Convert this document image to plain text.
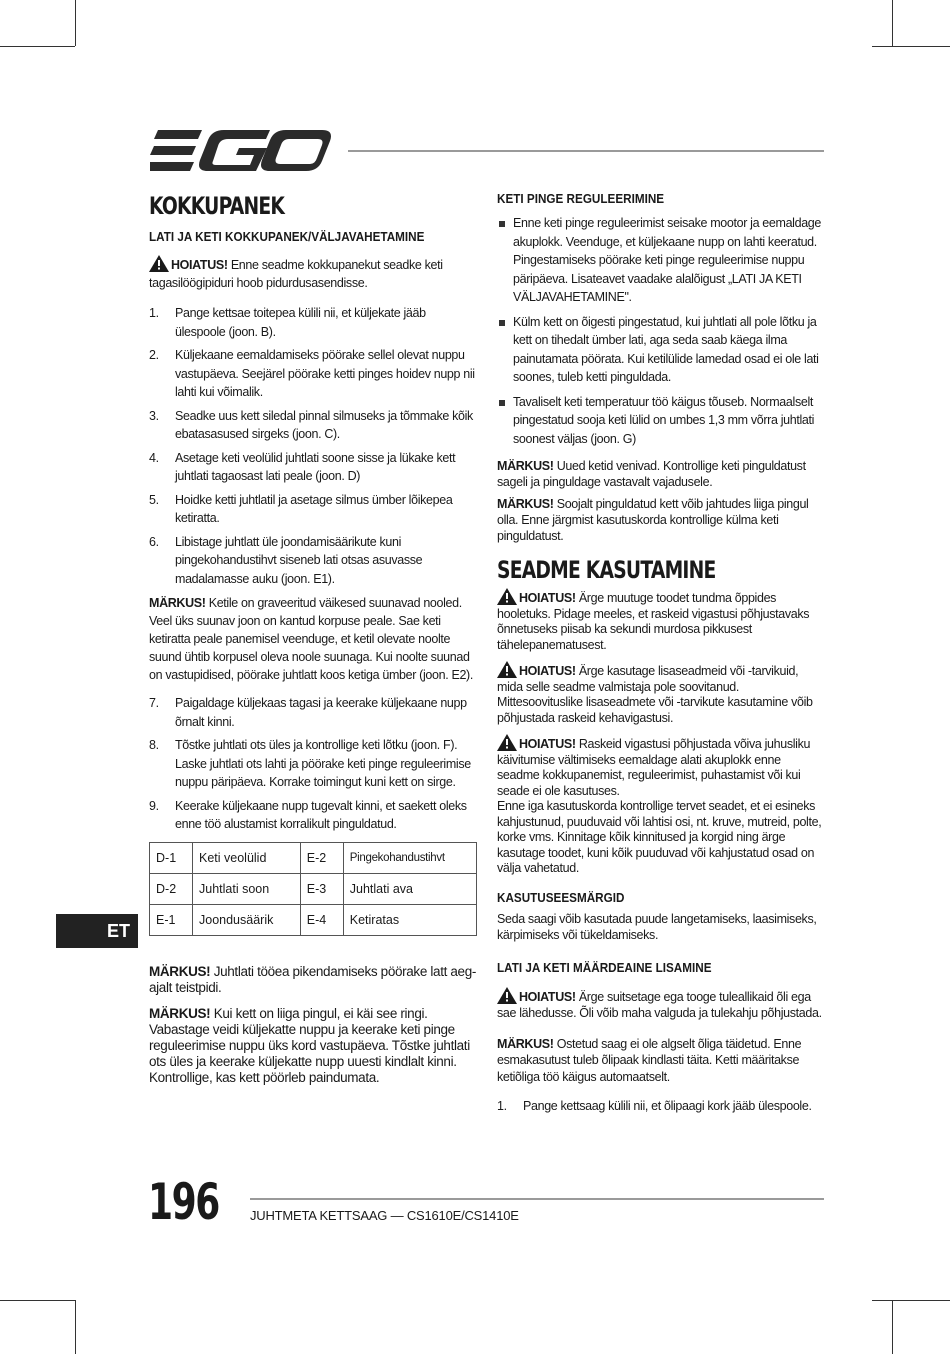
KOKKUPANEK
LATI JA KETI KOKKUPANEK/VÄLJAVAHETAMINE
HOIATUS! Enne seadme kokkupanekut seadke keti tagasilöögipiduri hoob pidurdusasendisse.
1.	Pange kettsae toitepea külili nii, et küljekate jääb ülespoole (joon. B).
2.	Küljekaane eemaldamiseks pöörake sellel olevat nuppu vastupäeva. Seejärel pöörake ketti pinges hoidev nupp nii lahti kui võimalik.
3.	Seadke uus kett siledal pinnal silmuseks ja tõmmake kõik ebatasasused sirgeks (joon. C).
4.	Asetage keti veolülid juhtlati soone sisse ja lükake kett juhtlati tagaosast lati peale (joon. D)
5.	Hoidke ketti juhtlatil ja asetage silmus ümber lõikepea ketiratta.
6.	Libistage juhtlatt üle joondamisäärikute kuni pingekohandustihvt siseneb lati otsas asuvasse madalamasse auku (joon. E1).
MÄRKUS! Ketile on graveeritud väikesed suunavad nooled. Veel üks suunav joon on kantud korpuse peale. Sae keti ketiratta peale panemisel veenduge, et ketil olevate noolte suund ühtib korpusel oleva noole suunaga. Kui noolte suunad on vastupidised, pöörake juhtlatt koos ketiga ümber (joon. E2).
7.	Paigaldage küljekaas tagasi ja keerake küljekaane nupp õrnalt kinni.
8.	Tõstke juhtlati ots üles ja kontrollige keti lõtku (joon. F). Laske juhtlati ots lahti ja pöörake keti pinge reguleerimise nuppu päripäeva. Korrake toimingut kuni kett on sirge.
9.	Keerake küljekaane nupp tugevalt kinni, et saekett oleks enne töö alustamist korralikult pinguldatud.
D-1	Keti veolülid	E-2	Pingekohandustihvt
D-2	Juhtlati soon	E-3	Juhtlati ava
E-1	Joondusäärik	E-4	Ketiratas
MÄRKUS! Juhtlati tööea pikendamiseks pöörake latt aeg-ajalt teistpidi.
MÄRKUS! Kui kett on liiga pingul, ei käi see ringi. Vabastage veidi küljekatte nuppu ja keerake keti pinge reguleerimise nuppu üks kord vastupäeva. Tõstke juhtlati ots üles ja keerake küljekatte nupp uuesti kindlalt kinni. Kontrollige, kas kett pöörleb paindumata.
KETI PINGE REGULEERIMINE
Enne keti pinge reguleerimist seisake mootor ja eemaldage akuplokk. Veenduge, et küljekaane nupp on lahti keeratud. Pingestamiseks pöörake keti pinge reguleerimise nuppu päripäeva. Lisateavet vaadake alalõigust „LATI JA KETI VÄLJAVAHETAMINE".
Külm kett on õigesti pingestatud, kui juhtlati all pole lõtku ja kett on tihedalt ümber lati, aga seda saab käega ilma painutamata pöörata. Kui ketilülide lamedad osad ei ole lati soones, tuleb ketti pinguldada.
Tavaliselt keti temperatuur töö käigus tõuseb. Normaalselt pingestatud sooja keti lülid on umbes 1,3 mm võrra juhtlati soonest väljas (joon. G)
MÄRKUS! Uued ketid venivad. Kontrollige keti pinguldatust sageli ja pinguldage vastavalt vajadusele.
MÄRKUS! Soojalt pinguldatud kett võib jahtudes liiga pingul olla. Enne järgmist kasutuskorda kontrollige külma keti pinguldatust.
SEADME KASUTAMINE
HOIATUS! Ärge muutuge toodet tundma õppides hooletuks. Pidage meeles, et raskeid vigastusi põhjustavaks õnnetuseks piisab ka sekundi murdosa pikkusest tähelepanematusest.
HOIATUS! Ärge kasutage lisaseadmeid või -tarvikuid, mida selle seadme valmistaja pole soovitanud. Mittesoovituslike lisaseadmete või -tarvikute kasutamine võib põhjustada raskeid kehavigastusi.
HOIATUS! Raskeid vigastusi põhjustada võiva juhusliku käivitumise vältimiseks eemaldage alati akuplokk enne seadme kokkupanemist, reguleerimist, puhastamist või kui seade ei ole kasutuses.
Enne iga kasutuskorda kontrollige tervet seadet, et ei esineks kahjustunud, puuduvaid või lahtisi osi, nt. kruve, mutreid, polte, korke vms. Kinnitage kõik kinnitused ja korgid ning ärge kasutage toodet, kuni kõik puuduvad või kahjustatud osad on välja vahetatud.
KASUTUSEESMÄRGID
Seda saagi võib kasutada puude langetamiseks, laasimiseks, kärpimiseks või tükeldamiseks.
LATI JA KETI MÄÄRDEAINE LISAMINE
HOIATUS! Ärge suitsetage ega tooge tuleallikaid õli ega sae lähedusse. Õli võib maha valguda ja tulekahju põhjustada.
MÄRKUS! Ostetud saag ei ole algselt õliga täidetud. Enne esmakasutust tuleb õlipaak kindlasti täita. Ketti määritakse ketiõliga töö käigus automaatselt.
1.	Pange kettsaag külili nii, et õlipaagi kork jääb ülespoole.
ET
196 JUHTMETA KETTSAAG — CS1610E/CS1410E
